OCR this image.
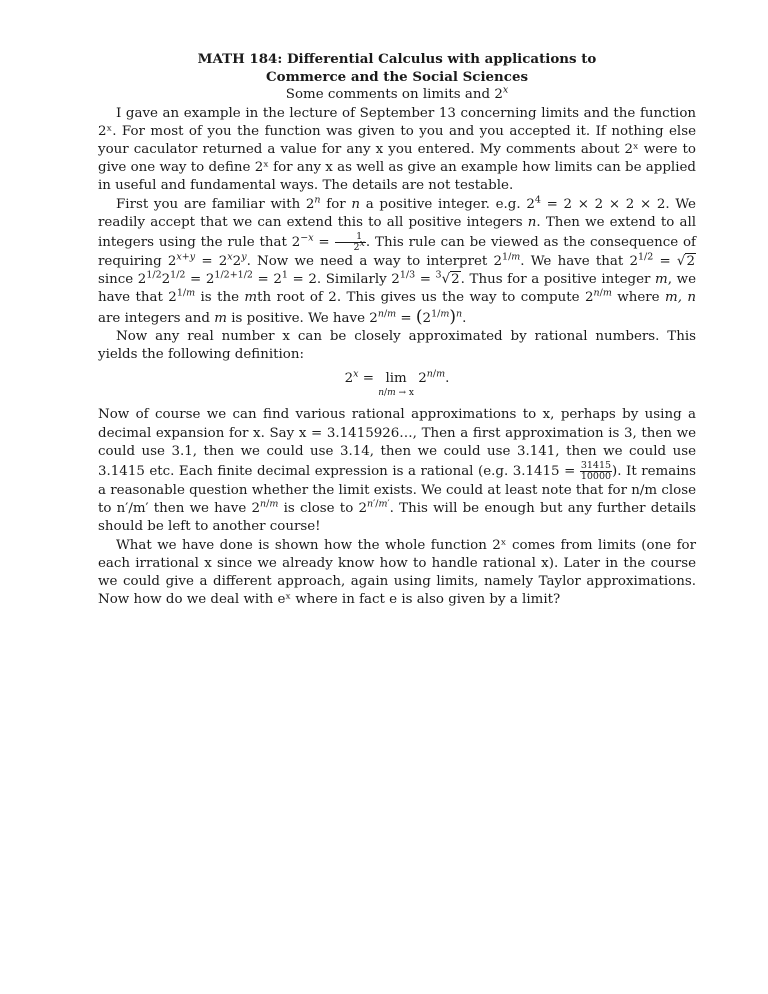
MATH 184: Differential Calculus with applications to
Commerce and the Social Sciences
Some comments on limits and 2$^x$

I gave an example in the lecture of September 13 concerning limits and the function 2ˣ. For most of you the function was given to you and you accepted it. If nothing else your caculator returned a value for any x you entered. My comments about 2ˣ were to give one way to define 2ˣ for any x as well as give an example how limits can be applied in useful and fundamental ways. The details are not testable.

First you are familiar with 2$^n$ for n a positive integer. e.g. $2^4 = 2 \times 2 \times 2 \times 2$. We readily accept that we can extend this to all positive integers n. Then we extend to all integers using the rule that $2^{-x} = \frac{1}{2^x}$ . This rule can be viewed as the consequence of requiring $2^{x+y} = 2^x2^y$. Now we need a way to interpret $2^{1/m}$. We have that $2^{1/2} = √2$ since $2^{1/2}2^{1/2} = 2^{1/2+1/2} = 2^1 = 2$. Similarly $2^{1/3} = ^3√2$. Thus for a positive integer m, we have that $2^{1/m}$ is the mth root of 2. This gives us the way to compute $2^{n/m}$ where m, n are integers and m is positive. We have $2^{n/m} = (2^{1/m})^n$.

Now any real number x can be closely approximated by rational numbers. This yields the following definition:

$2^x = \lim$
n/m → x
$2^{n/m}$.

Now of course we can find various rational approximations to x, perhaps by using a decimal expansion for x. Say x = 3.1415926…, Then a first approximation is 3, then we could use 3.1, then we could use 3.14, then we could use 3.141, then we could use 3.1415 etc. Each finite decimal expression is a rational (e.g. $3.1415 = \frac{31415}{10000}$ ). It remains a reasonable question whether the limit exists. We could at least note that for n/m close to n′/m′ then we have $2^{n/m}$ is close to $2^{n'/m'}$. This will be enough but any further details should be left to another course!

What we have done is shown how the whole function 2ˣ comes from limits (one for each irrational x since we already know how to handle rational x). Later in the course we could give a different approach, again using limits, namely Taylor approximations. Now how do we deal with eˣ where in fact e is also given by a limit?
